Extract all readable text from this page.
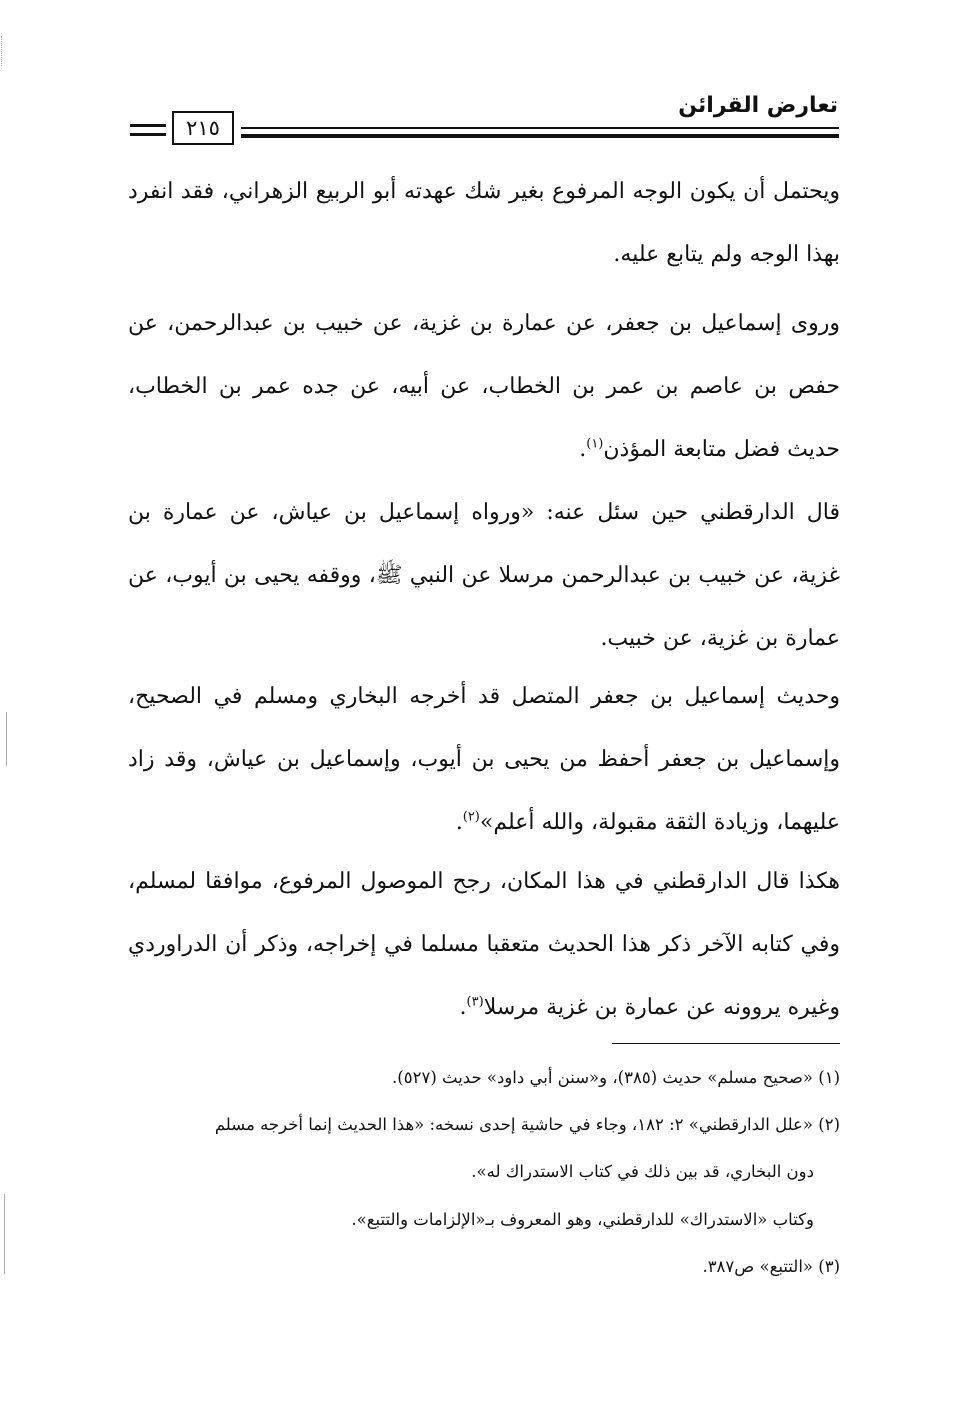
تعارض القرائن
٢١٥
ويحتمل أن يكون الوجه المرفوع بغير شك عهدته أبو الربيع الزهراني، فقد انفرد بهذا الوجه ولم يتابع عليه.
وروى إسماعيل بن جعفر، عن عمارة بن غزية، عن خبيب بن عبدالرحمن، عن حفص بن عاصم بن عمر بن الخطاب، عن أبيه، عن جده عمر بن الخطاب، حديث فضل متابعة المؤذن$^{(١)}$.
قال الدارقطني حين سئل عنه: «ورواه إسماعيل بن عياش، عن عمارة بن غزية، عن خبيب بن عبدالرحمن مرسلا عن النبي ﷺ، ووقفه يحيى بن أيوب، عن عمارة بن غزية، عن خبيب.
وحديث إسماعيل بن جعفر المتصل قد أخرجه البخاري ومسلم في الصحيح، وإسماعيل بن جعفر أحفظ من يحيى بن أيوب، وإسماعيل بن عياش، وقد زاد عليهما، وزيادة الثقة مقبولة، والله أعلم»$^{(٢)}$.
هكذا قال الدارقطني في هذا المكان، رجح الموصول المرفوع، موافقا لمسلم، وفي كتابه الآخر ذكر هذا الحديث متعقبا مسلما في إخراجه، وذكر أن الدراوردي وغيره يروونه عن عمارة بن غزية مرسلا$^{(٣)}$.
(١) «صحيح مسلم» حديث (٣٨٥)، و«سنن أبي داود» حديث (٥٢٧).
(٢) «علل الدارقطني» ٢: ١٨٢، وجاء في حاشية إحدى نسخه: «هذا الحديث إنما أخرجه مسلم
دون البخاري، قد بين ذلك في كتاب الاستدراك له».
وكتاب «الاستدراك» للدارقطني، وهو المعروف بـ«الإلزامات والتتبع».
(٣) «التتبع» ص٣٨٧.
